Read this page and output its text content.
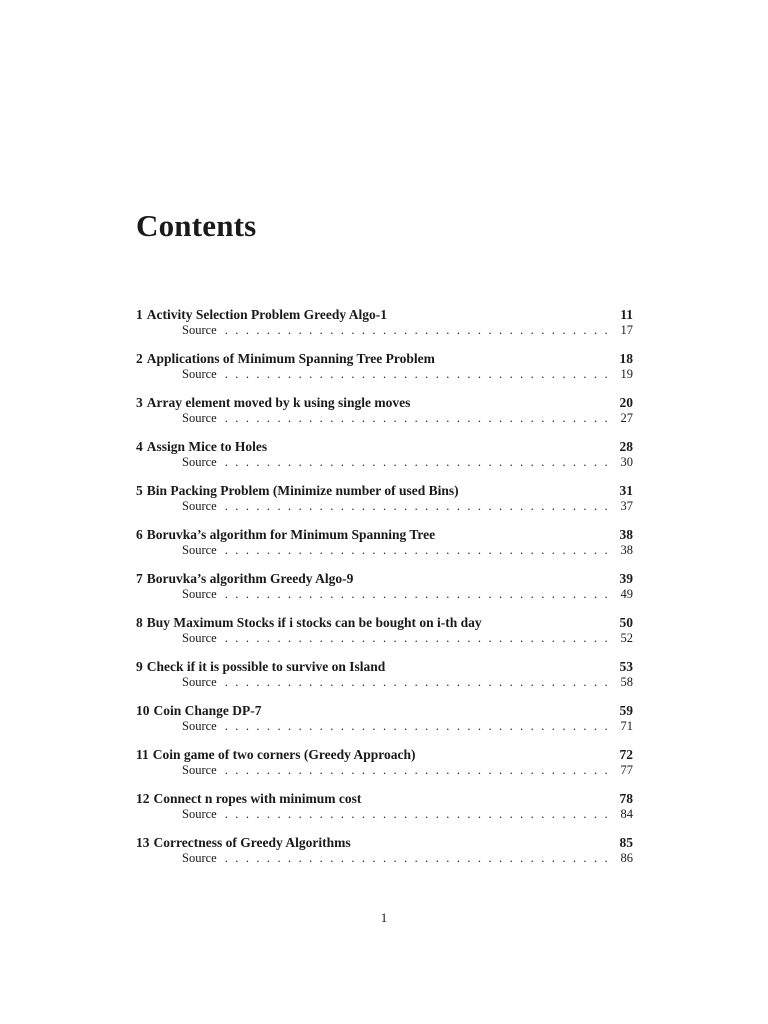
Contents
1 Activity Selection Problem Greedy Algo-1	11
Source . . .	17
2 Applications of Minimum Spanning Tree Problem	18
Source . . .	19
3 Array element moved by k using single moves	20
Source . . .	27
4 Assign Mice to Holes	28
Source . . .	30
5 Bin Packing Problem (Minimize number of used Bins)	31
Source . . .	37
6 Boruvka’s algorithm for Minimum Spanning Tree	38
Source . . .	38
7 Boruvka’s algorithm Greedy Algo-9	39
Source . . .	49
8 Buy Maximum Stocks if i stocks can be bought on i-th day	50
Source . . .	52
9 Check if it is possible to survive on Island	53
Source . . .	58
10 Coin Change DP-7	59
Source . . .	71
11 Coin game of two corners (Greedy Approach)	72
Source . . .	77
12 Connect n ropes with minimum cost	78
Source . . .	84
13 Correctness of Greedy Algorithms	85
Source . . .	86
1
